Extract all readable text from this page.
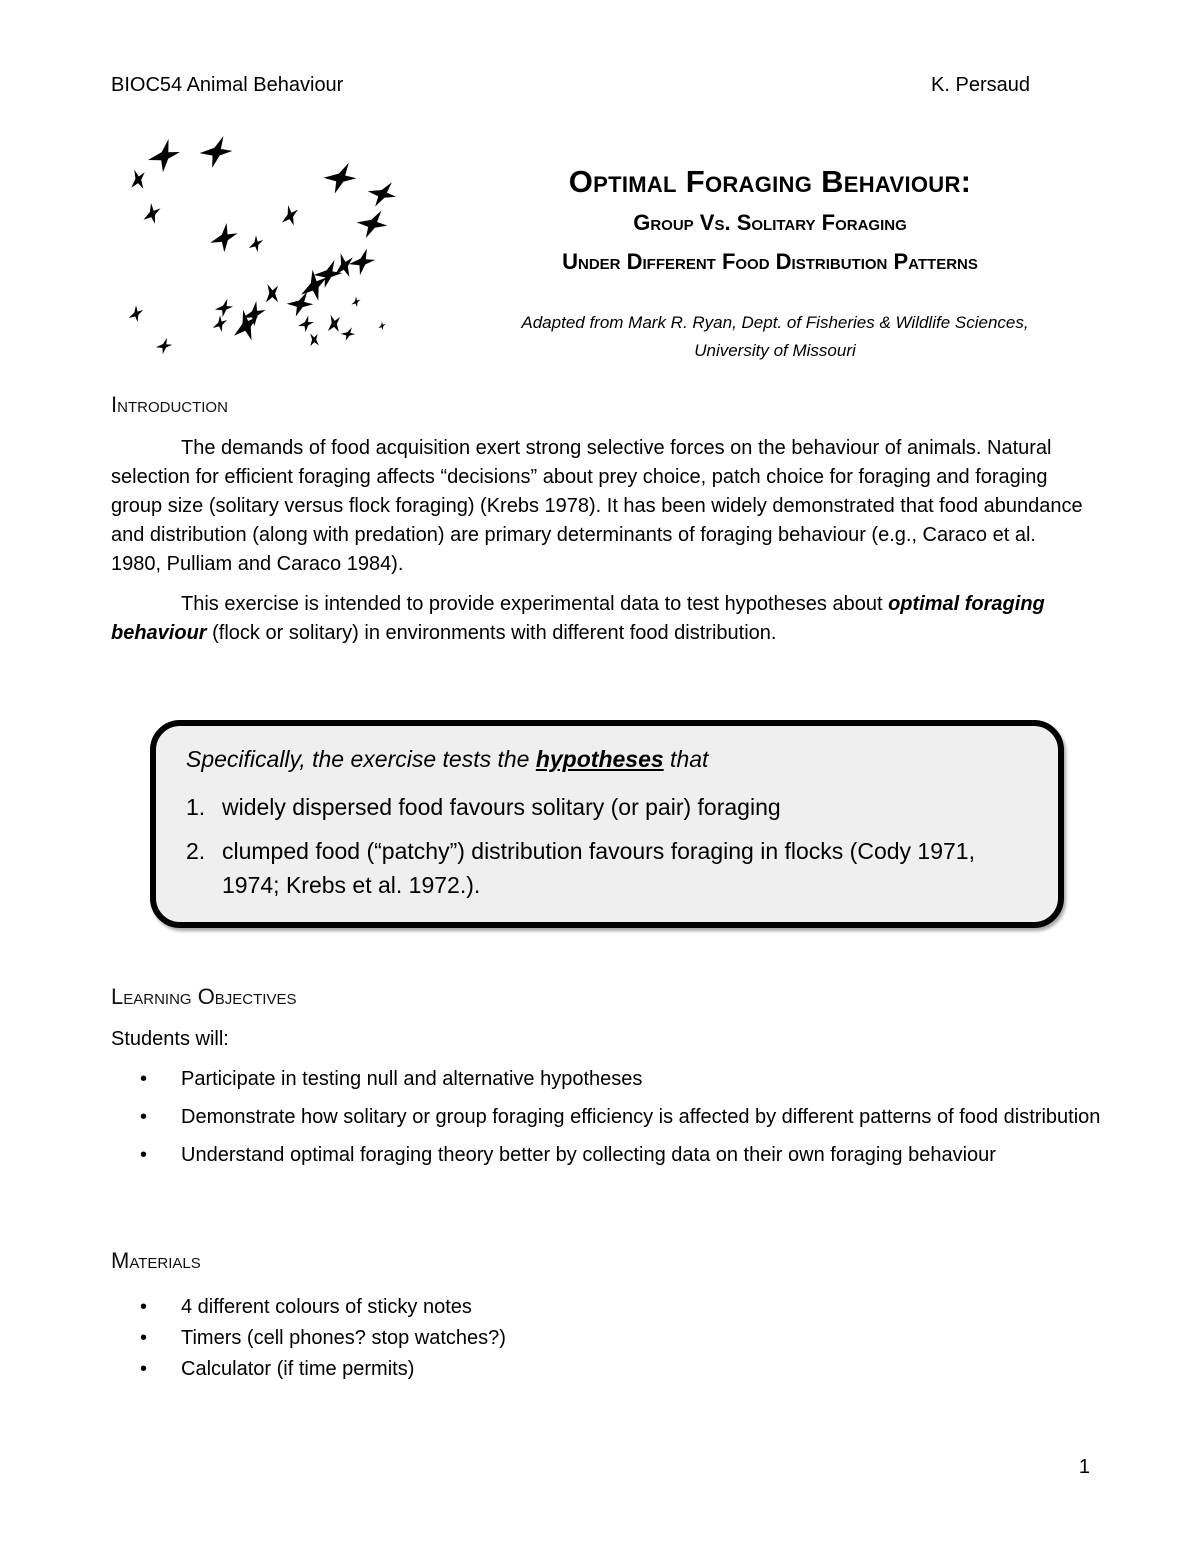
BIOC54 Animal Behaviour	K. Persaud
Optimal Foraging Behaviour:
Group Vs. Solitary Foraging
Under Different Food Distribution Patterns
Adapted from Mark R. Ryan, Dept. of Fisheries & Wildlife Sciences,
University of Missouri
Introduction
The demands of food acquisition exert strong selective forces on the behaviour of animals. Natural selection for efficient foraging affects “decisions” about prey choice, patch choice for foraging and foraging group size (solitary versus flock foraging) (Krebs 1978). It has been widely demonstrated that food abundance and distribution (along with predation) are primary determinants of foraging behaviour (e.g., Caraco et al. 1980, Pulliam and Caraco 1984).
This exercise is intended to provide experimental data to test hypotheses about optimal foraging behaviour (flock or solitary) in environments with different food distribution.
Specifically, the exercise tests the hypotheses that
1. widely dispersed food favours solitary (or pair) foraging
2. clumped food (“patchy”) distribution favours foraging in flocks (Cody 1971, 1974; Krebs et al. 1972.).
Learning Objectives
Students will:
• Participate in testing null and alternative hypotheses
• Demonstrate how solitary or group foraging efficiency is affected by different patterns of food distribution
• Understand optimal foraging theory better by collecting data on their own foraging behaviour
Materials
• 4 different colours of sticky notes
• Timers (cell phones? stop watches?)
• Calculator (if time permits)
1
